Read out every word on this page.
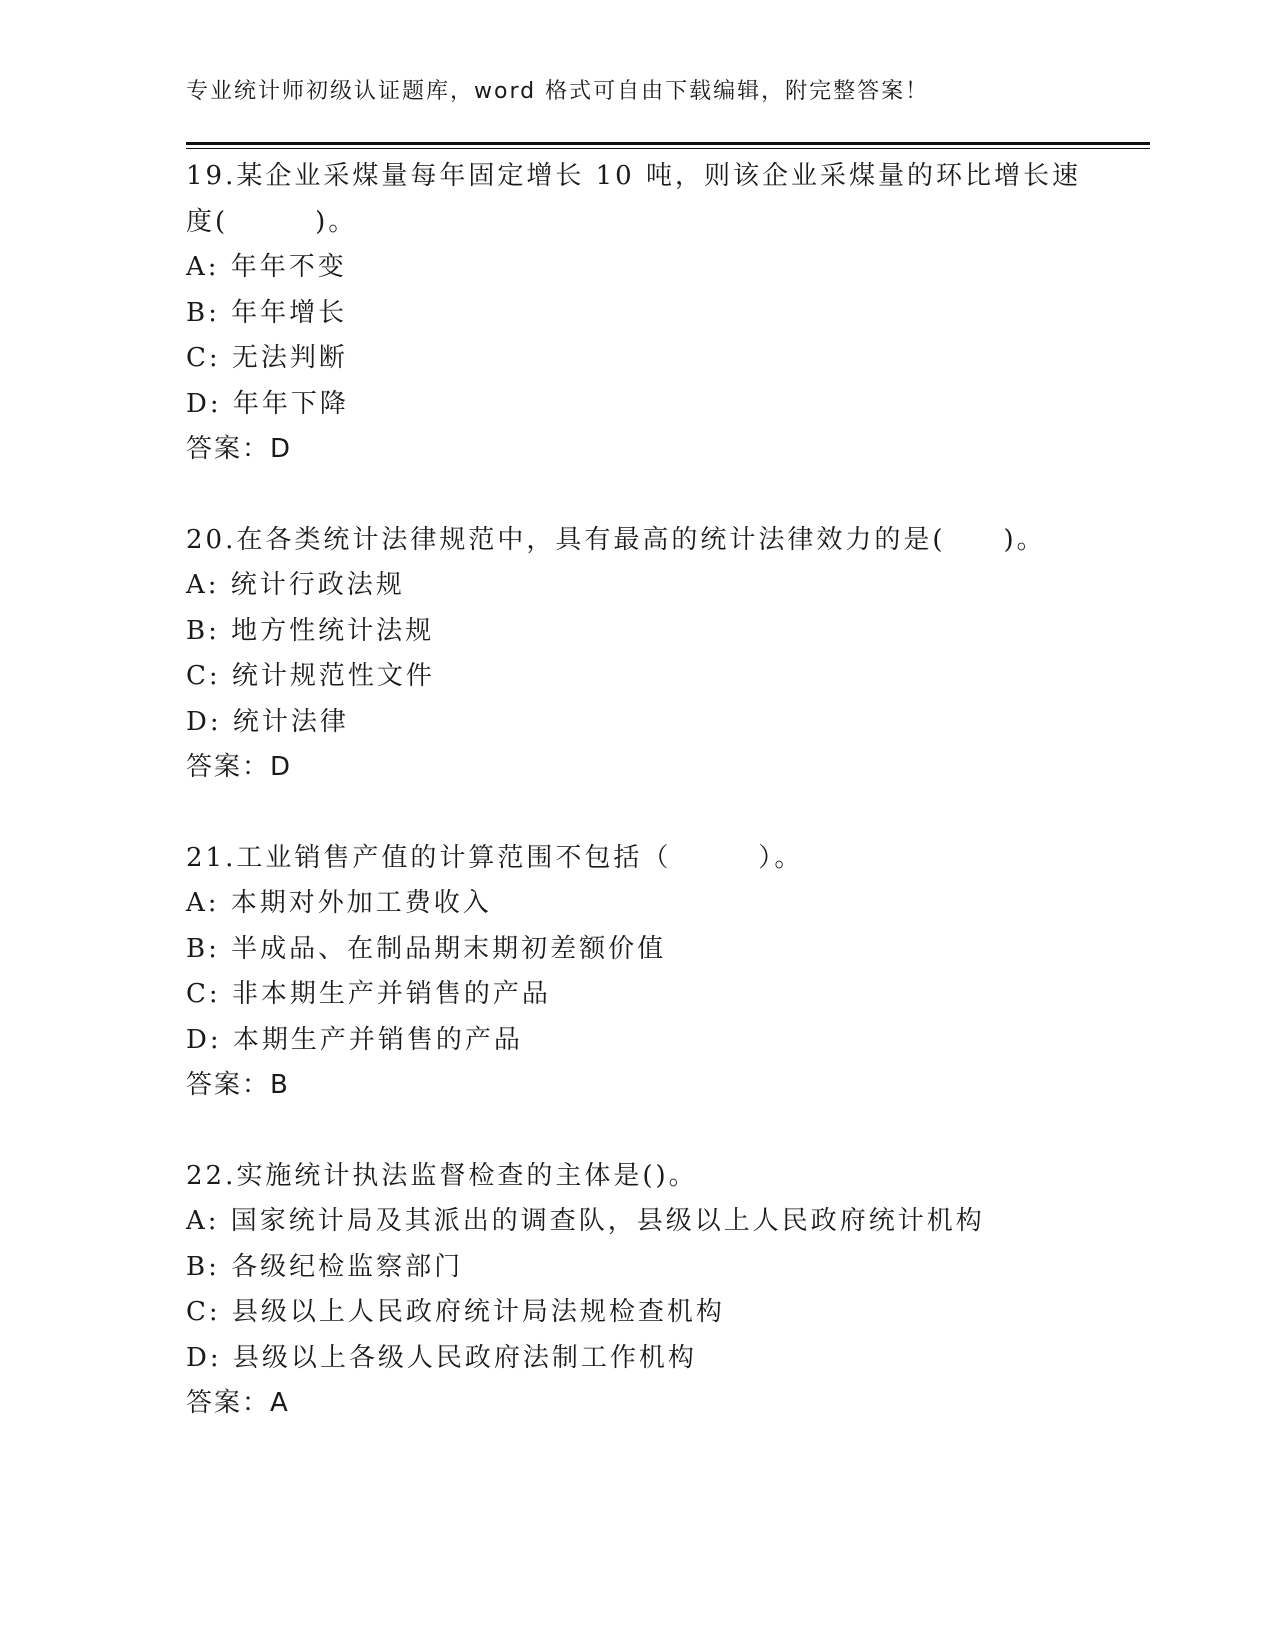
专业统计师初级认证题库，word 格式可自由下载编辑，附完整答案！
19.某企业采煤量每年固定增长 10 吨，则该企业采煤量的环比增长速
度(　　　)。
A: 年年不变
B: 年年增长
C: 无法判断
D: 年年下降
答案：D
20.在各类统计法律规范中，具有最高的统计法律效力的是(　　)。
A: 统计行政法规
B: 地方性统计法规
C: 统计规范性文件
D: 统计法律
答案：D
21.工业销售产值的计算范围不包括（　　　）。
A: 本期对外加工费收入
B: 半成品、在制品期末期初差额价值
C: 非本期生产并销售的产品
D: 本期生产并销售的产品
答案：B
22.实施统计执法监督检查的主体是()。
A: 国家统计局及其派出的调查队，县级以上人民政府统计机构
B: 各级纪检监察部门
C: 县级以上人民政府统计局法规检查机构
D: 县级以上各级人民政府法制工作机构
答案：A
